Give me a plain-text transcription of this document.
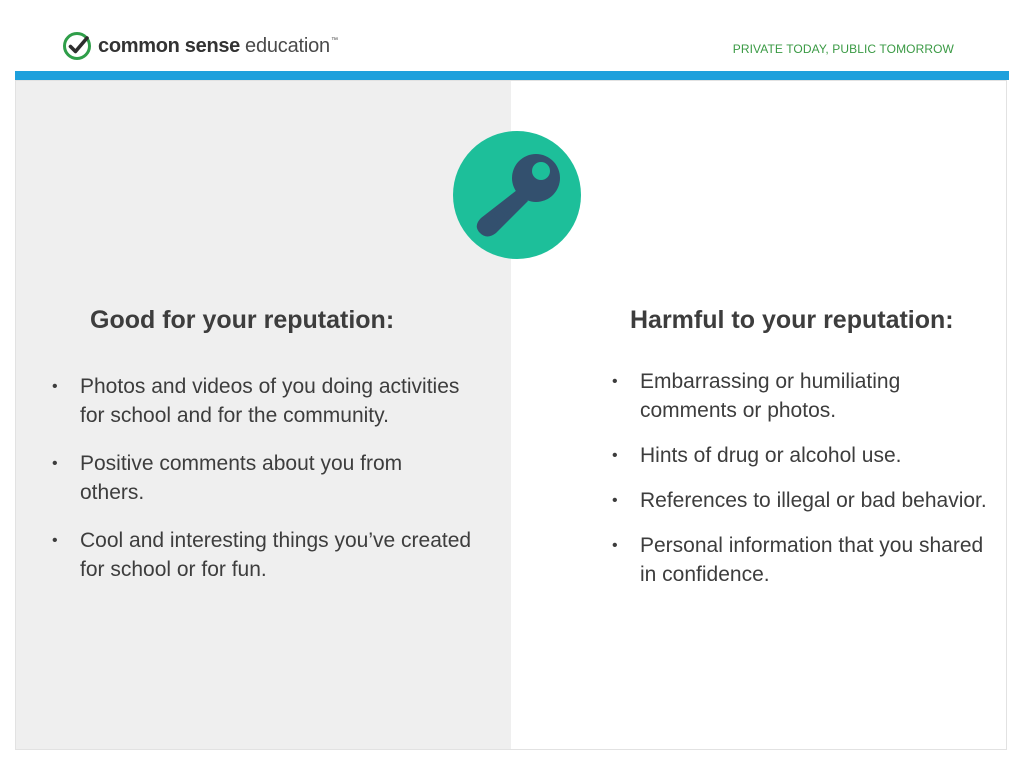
common sense education ™
PRIVATE TODAY, PUBLIC TOMORROW
Good for your reputation:	Harmful to your reputation:
• Photos and videos of you doing activities for school and for the community.
• Positive comments about you from others.
• Cool and interesting things you’ve created for school or for fun.
• Embarrassing or humiliating comments or photos.
• Hints of drug or alcohol use.
• References to illegal or bad behavior.
• Personal information that you shared in confidence.
